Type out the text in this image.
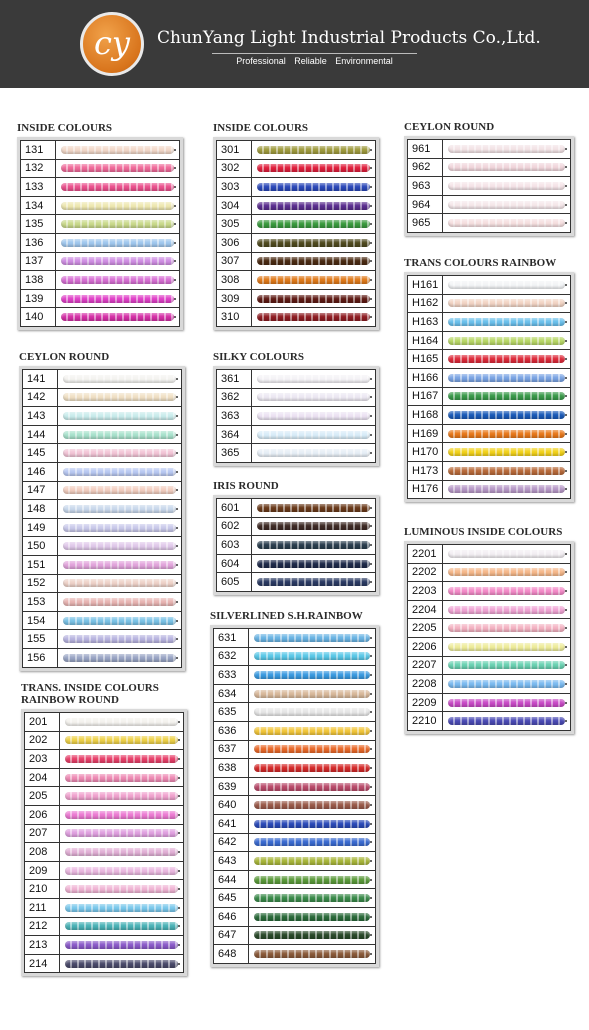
cy	ChunYang Light Industrial Products Co.,Ltd.
Professional Reliable Environmental
INSIDE COLOURS
131
132
133
134
135
136
137
138
139
140
INSIDE COLOURS
301
302
303
304
305
306
307
308
309
310
CEYLON ROUND
961
962
963
964
965
CEYLON ROUND
141
142
143
144
145
146
147
148
149
150
151
152
153
154
155
156
SILKY COLOURS
361
362
363
364
365
IRIS ROUND
601
602
603
604
605
TRANS COLOURS RAINBOW
H161
H162
H163
H164
H165
H166
H167
H168
H169
H170
H173
H176
LUMINOUS INSIDE COLOURS
2201
2202
2203
2204
2205
2206
2207
2208
2209
2210
SILVERLINED S.H.RAINBOW
631
632
633
634
635
636
637
638
639
640
641
642
643
644
645
646
647
648
TRANS. INSIDE COLOURS
RAINBOW ROUND
201
202
203
204
205
206
207
208
209
210
211
212
213
214
